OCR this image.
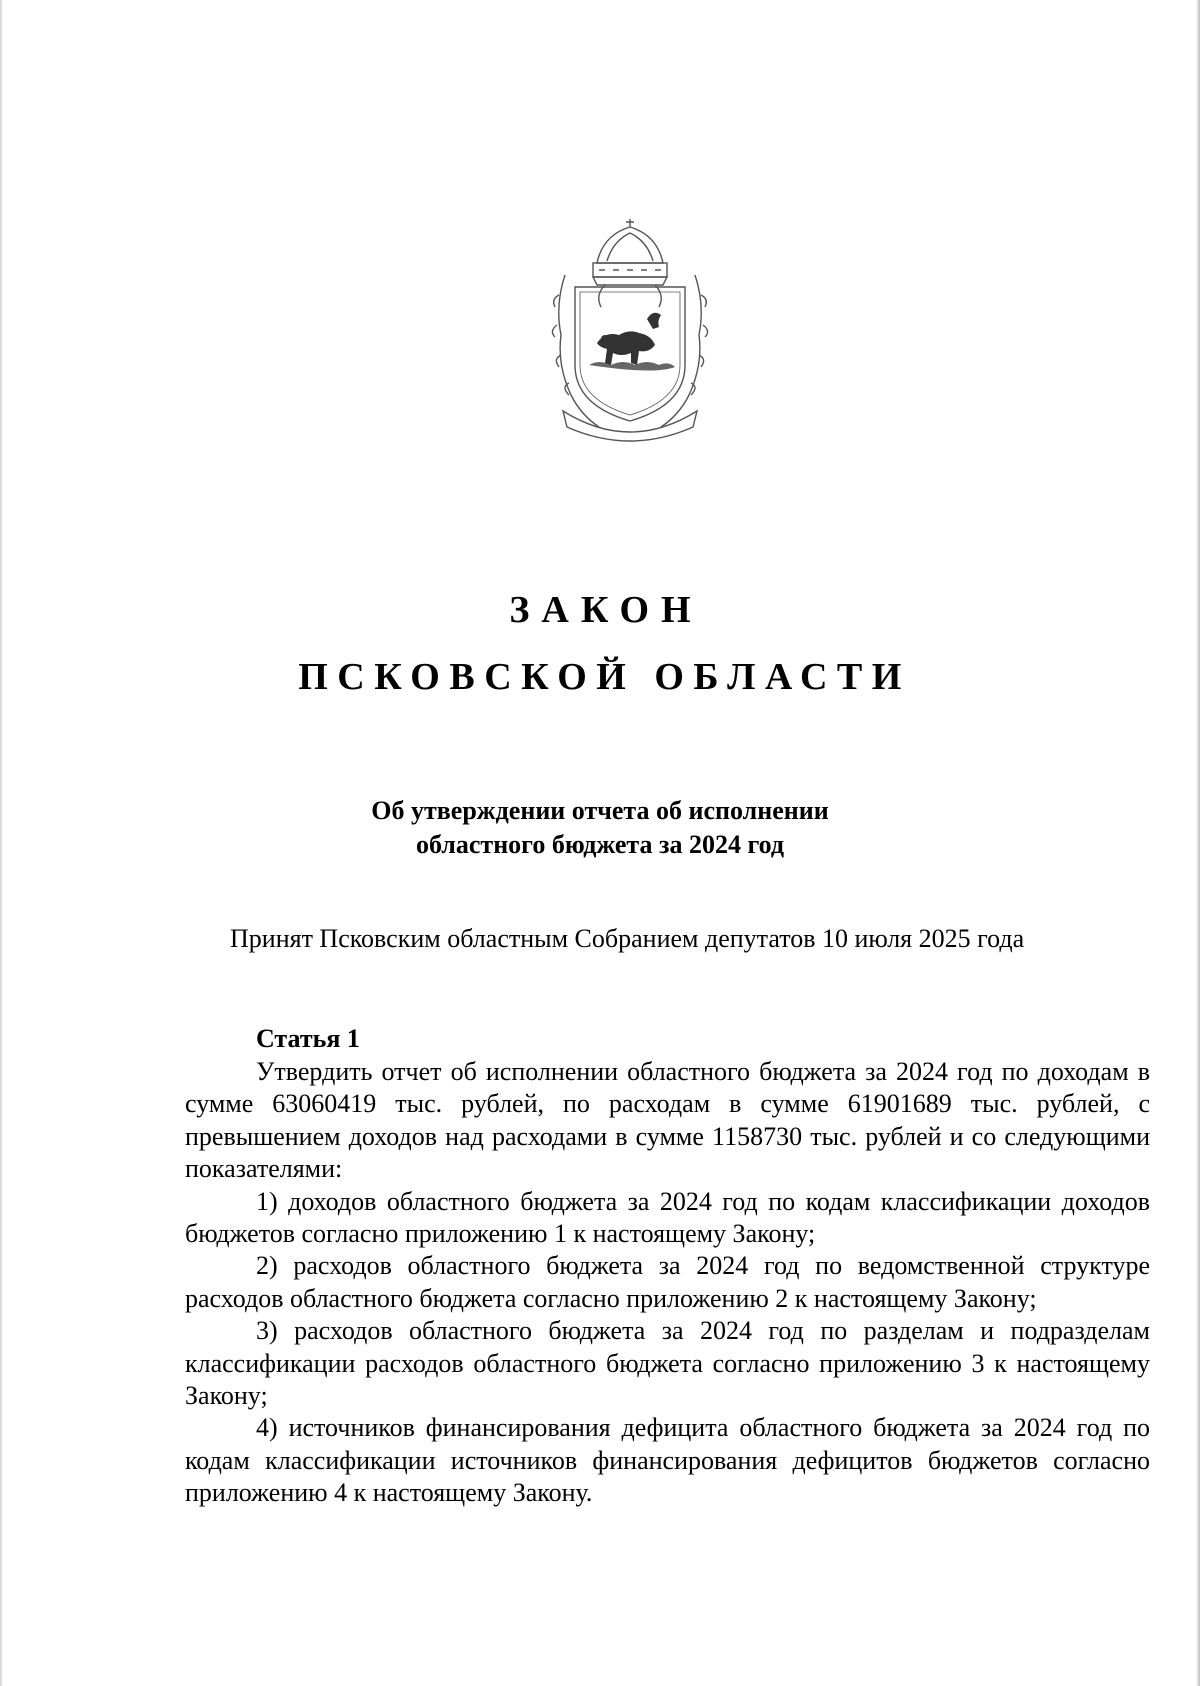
ЗАКОН
ПСКОВСКОЙ ОБЛАСТИ
Об утверждении отчета об исполнении
областного бюджета за 2024 год
Принят Псковским областным Собранием депутатов 10 июля 2025 года
Статья 1

Утвердить отчет об исполнении областного бюджета за 2024 год по доходам в сумме 63060419 тыс. рублей, по расходам в сумме 61901689 тыс. рублей, с превышением доходов над расходами в сумме 1158730 тыс. рублей и со следующими показателями:

1) доходов областного бюджета за 2024 год по кодам классификации доходов бюджетов согласно приложению 1 к настоящему Закону;

2) расходов областного бюджета за 2024 год по ведомственной структуре расходов областного бюджета согласно приложению 2 к настоящему Закону;

3) расходов областного бюджета за 2024 год по разделам и подразделам классификации расходов областного бюджета согласно приложению 3 к настоящему Закону;

4) источников финансирования дефицита областного бюджета за 2024 год по кодам классификации источников финансирования дефицитов бюджетов согласно приложению 4 к настоящему Закону.
